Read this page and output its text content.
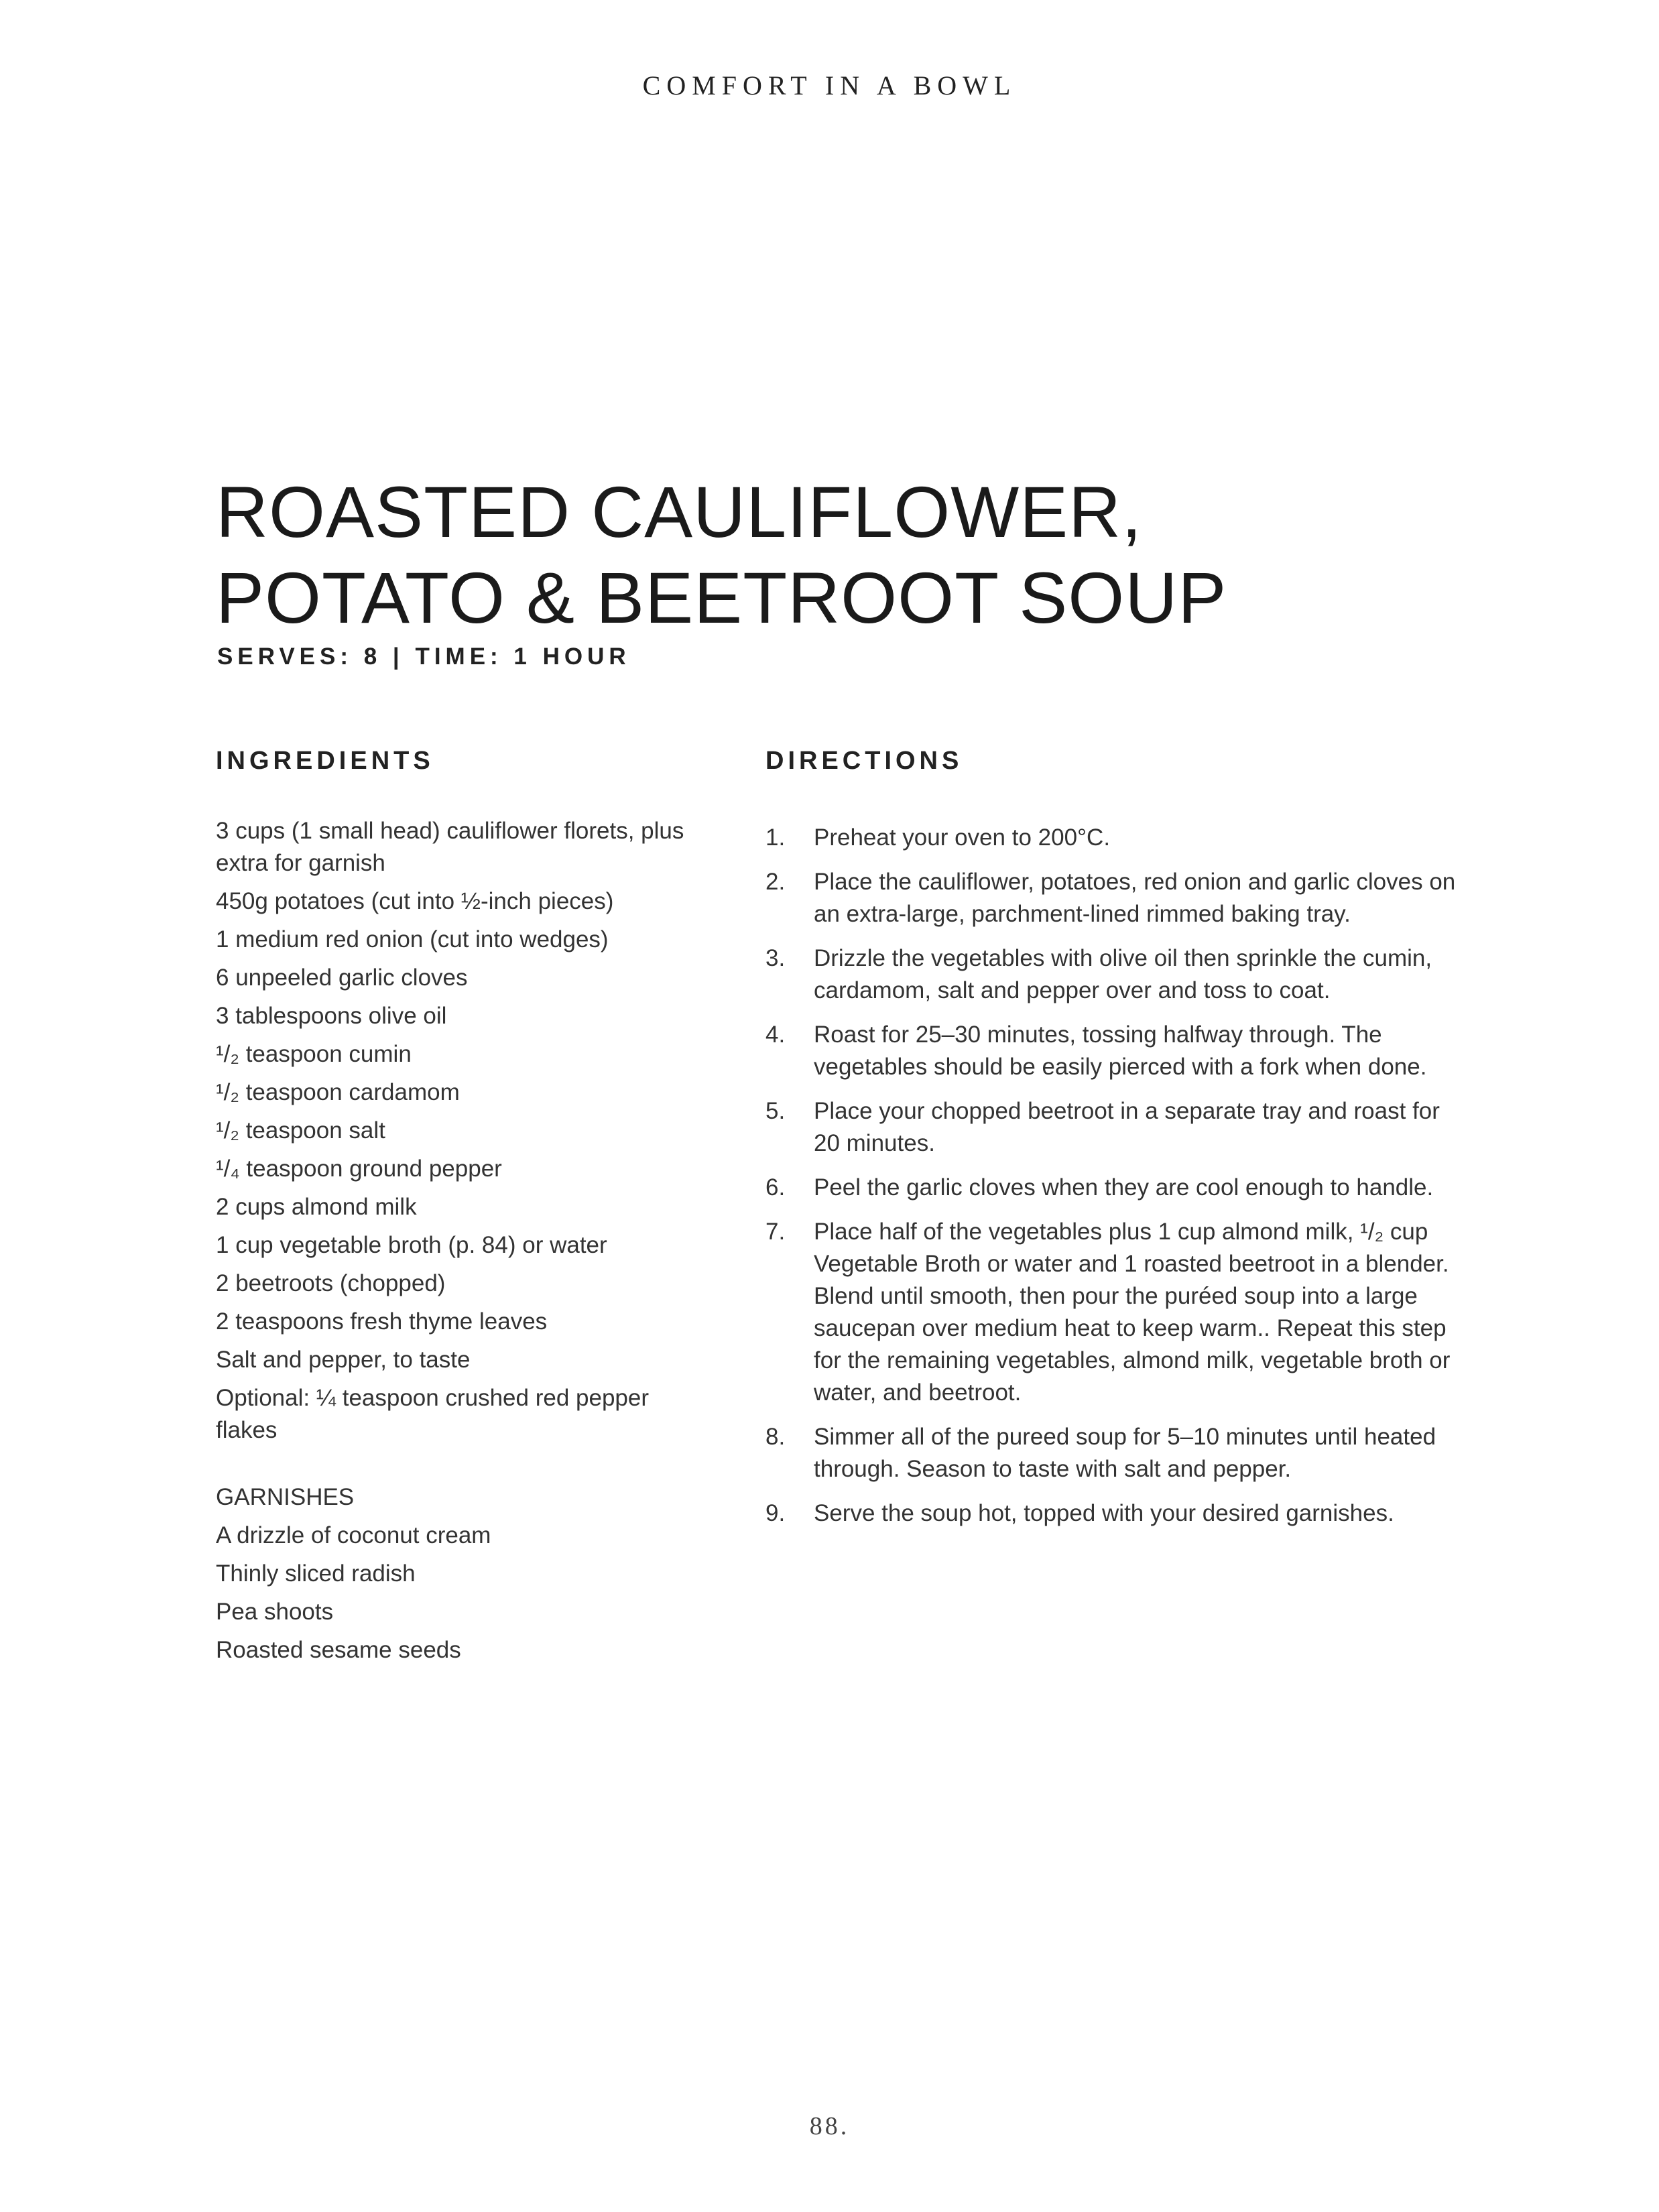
COMFORT IN A BOWL
ROASTED CAULIFLOWER,
POTATO & BEETROOT SOUP
SERVES: 8 | TIME: 1 HOUR
INGREDIENTS	DIRECTIONS
3 cups (1 small head) cauliflower florets, plus extra for garnish
450g potatoes (cut into ½-inch pieces)
1 medium red onion (cut into wedges)
6 unpeeled garlic cloves
3 tablespoons olive oil
¹/₂ teaspoon cumin
¹/₂ teaspoon cardamom
¹/₂ teaspoon salt
¹/₄ teaspoon ground pepper
2 cups almond milk
1 cup vegetable broth (p. 84) or water
2 beetroots (chopped)
2 teaspoons fresh thyme leaves
Salt and pepper, to taste
Optional: ¼ teaspoon crushed red pepper flakes
GARNISHES
A drizzle of coconut cream
Thinly sliced radish
Pea shoots
Roasted sesame seeds
1.	Preheat your oven to 200°C.
2.	Place the cauliflower, potatoes, red onion and garlic cloves on an extra-large, parchment-lined rimmed baking tray.
3.	Drizzle the vegetables with olive oil then sprinkle the cumin, cardamom, salt and pepper over and toss to coat.
4.	Roast for 25–30 minutes, tossing halfway through. The vegetables should be easily pierced with a fork when done.
5.	Place your chopped beetroot in a separate tray and roast for 20 minutes.
6.	Peel the garlic cloves when they are cool enough to handle.
7.	Place half of the vegetables plus 1 cup almond milk, ¹/₂ cup Vegetable Broth or water and 1 roasted beetroot in a blender. Blend until smooth, then pour the puréed soup into a large saucepan over medium heat to keep warm.. Repeat this step for the remaining vegetables, almond milk, vegetable broth or water, and beetroot.
8.	Simmer all of the pureed soup for 5–10 minutes until heated through. Season to taste with salt and pepper.
9.	Serve the soup hot, topped with your desired garnishes.
88.
